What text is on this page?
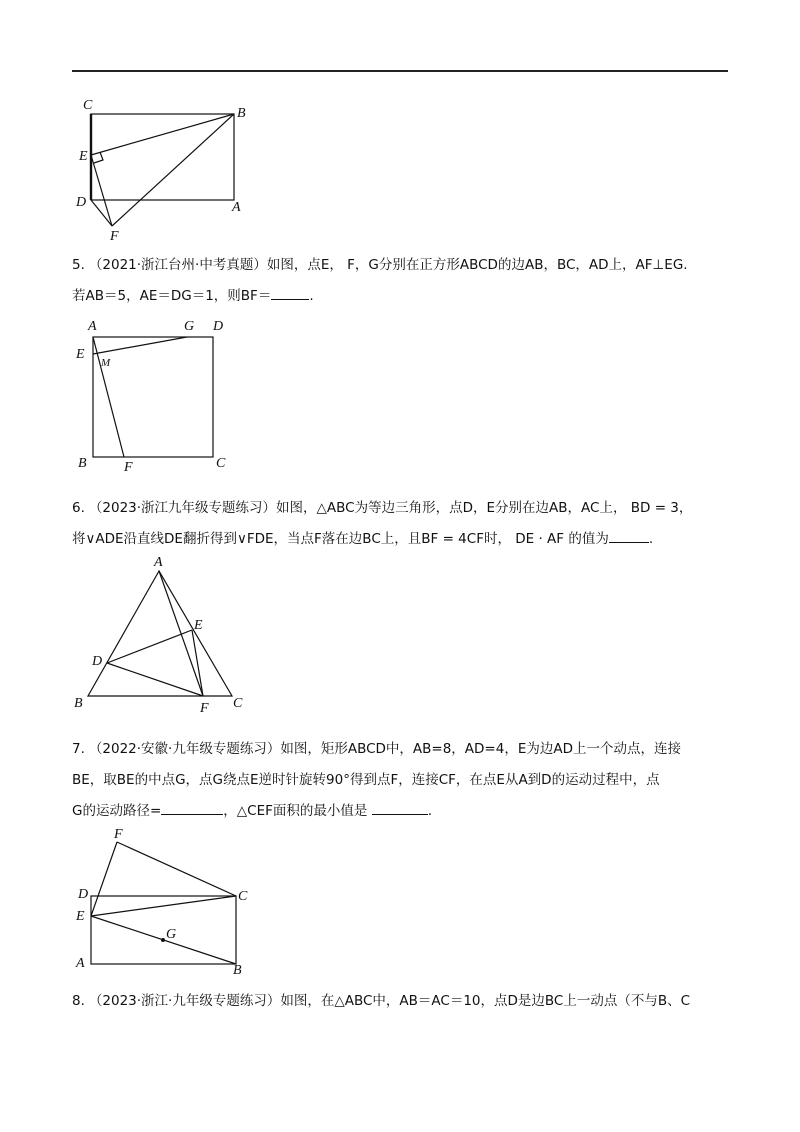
C
B
E
D	A
F
5. （2021·浙江台州·中考真题）如图，点E， F，G分别在正方形ABCD的边AB，BC，AD上，AF⊥EG.
若AB＝5，AE＝DG＝1，则BF＝	.
A	G D
E
M
B	F	C
6. （2023·浙江九年级专题练习）如图，△ABC为等边三角形，点D，E分别在边AB，AC上， BD = 3，
将∨ADE沿直线DE翻折得到∨FDE，当点F落在边BC上，且BF = 4CF时， DE · AF 的值为	.
A
E
D
B	F C
7. （2022·安徽·九年级专题练习）如图，矩形ABCD中，AB=8，AD=4，E为边AD上一个动点，连接
BE，取BE的中点G，点G绕点E逆时针旋转90°得到点F，连接CF，在点E从A到D的运动过程中，点
G的运动路径=	，△CEF面积的最小值是	.
F
D	C
E
G
A	B
8. （2023·浙江·九年级专题练习）如图，在△ABC中，AB＝AC＝10，点D是边BC上一动点（不与B、C
